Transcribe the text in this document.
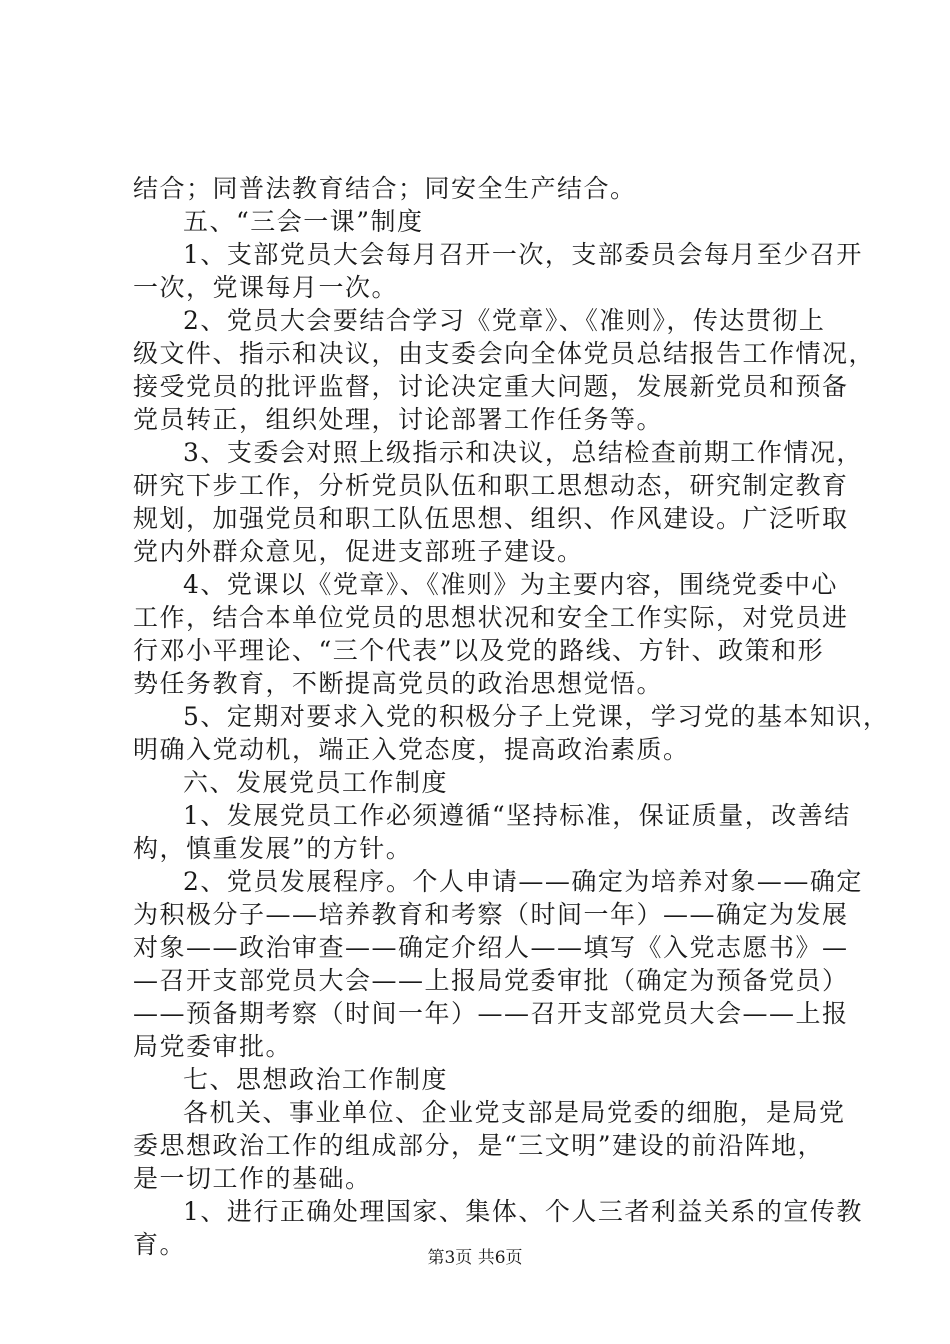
结合；同普法教育结合；同安全生产结合。
五、“三会一课”制度
1、支部党员大会每月召开一次，支部委员会每月至少召开
一次，党课每月一次。
2、党员大会要结合学习《党章》、《准则》，传达贯彻上
级文件、指示和决议，由支委会向全体党员总结报告工作情况，
接受党员的批评监督，讨论决定重大问题，发展新党员和预备
党员转正，组织处理，讨论部署工作任务等。
3、支委会对照上级指示和决议，总结检查前期工作情况，
研究下步工作，分析党员队伍和职工思想动态，研究制定教育
规划，加强党员和职工队伍思想、组织、作风建设。广泛听取
党内外群众意见，促进支部班子建设。
4、党课以《党章》、《准则》为主要内容，围绕党委中心
工作，结合本单位党员的思想状况和安全工作实际，对党员进
行邓小平理论、“三个代表”以及党的路线、方针、政策和形
势任务教育，不断提高党员的政治思想觉悟。
5、定期对要求入党的积极分子上党课，学习党的基本知识，
明确入党动机，端正入党态度，提高政治素质。
六、发展党员工作制度
1、发展党员工作必须遵循“坚持标准，保证质量，改善结
构，慎重发展”的方针。
2、党员发展程序。个人申请——确定为培养对象——确定
为积极分子——培养教育和考察（时间一年）——确定为发展
对象——政治审查——确定介绍人——填写《入党志愿书》—
—召开支部党员大会——上报局党委审批（确定为预备党员）
——预备期考察（时间一年）——召开支部党员大会——上报
局党委审批。
七、思想政治工作制度
各机关、事业单位、企业党支部是局党委的细胞，是局党
委思想政治工作的组成部分，是“三文明”建设的前沿阵地，
是一切工作的基础。
1、进行正确处理国家、集体、个人三者利益关系的宣传教
育。	第3页 共6页
